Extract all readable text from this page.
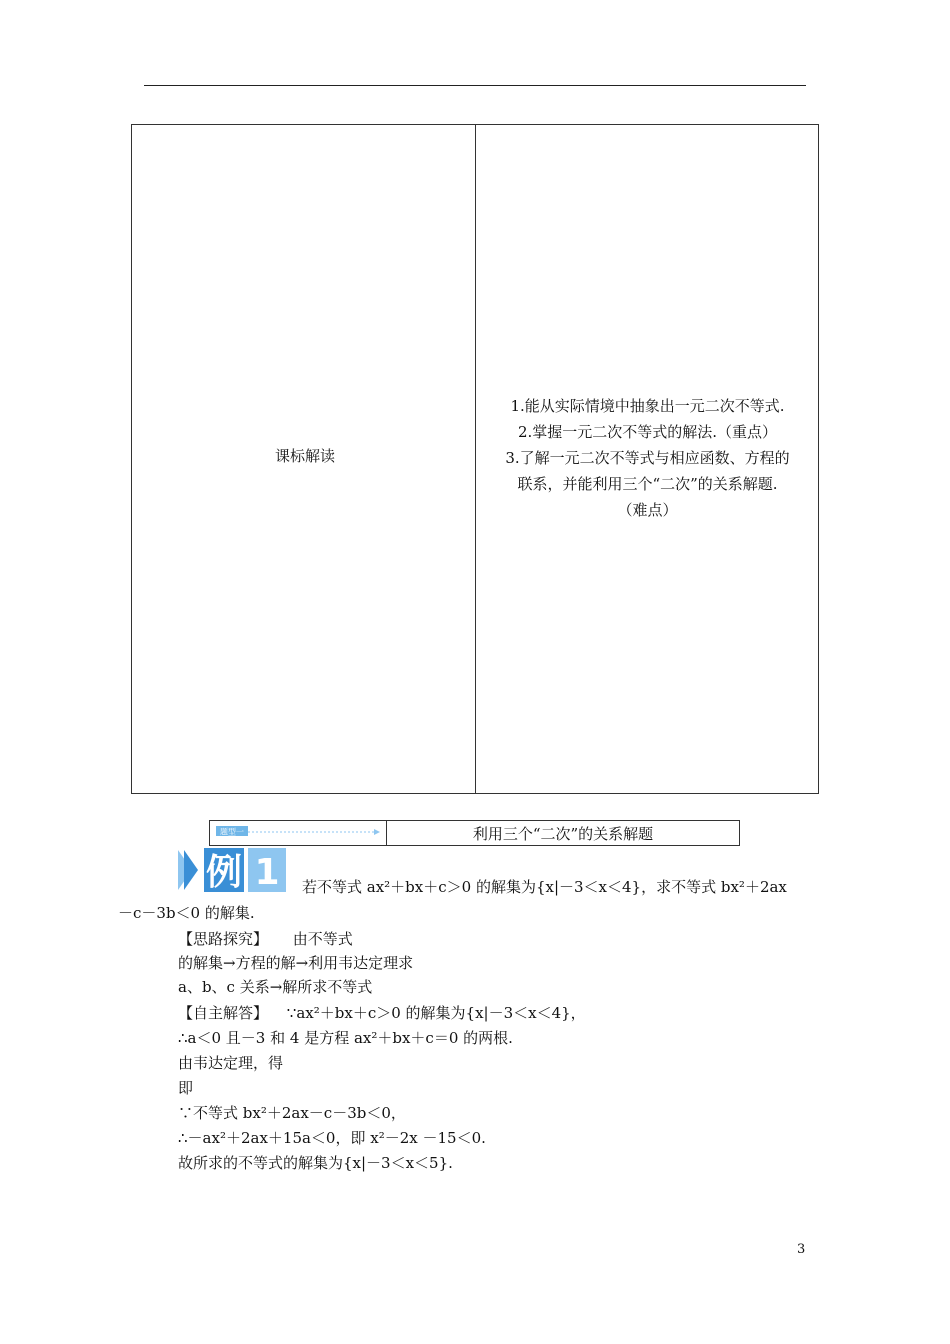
课标解读
1.能从实际情境中抽象出一元二次不等式.
2.掌握一元二次不等式的解法.（重点）
3.了解一元二次不等式与相应函数、方程的
联系，并能利用三个“二次”的关系解题.
（难点）
题型一	利用三个“二次”的关系解题
例 1 若不等式 ax²＋bx＋c＞0 的解集为{x|－3＜x＜4}，求不等式 bx²＋2ax
－c－3b＜0 的解集.
【思路探究】 由不等式
的解集→方程的解→利用韦达定理求
a、b、c 关系→解所求不等式
【自主解答】 ∵ax²＋bx＋c＞0 的解集为{x|－3＜x＜4}，
∴a＜0 且－3 和 4 是方程 ax²＋bx＋c＝0 的两根.
由韦达定理，得
即
∵不等式 bx²＋2ax－c－3b＜0，
∴－ax²＋2ax＋15a＜0，即 x²－2x －15＜0.
故所求的不等式的解集为{x|－3＜x＜5}.
3
